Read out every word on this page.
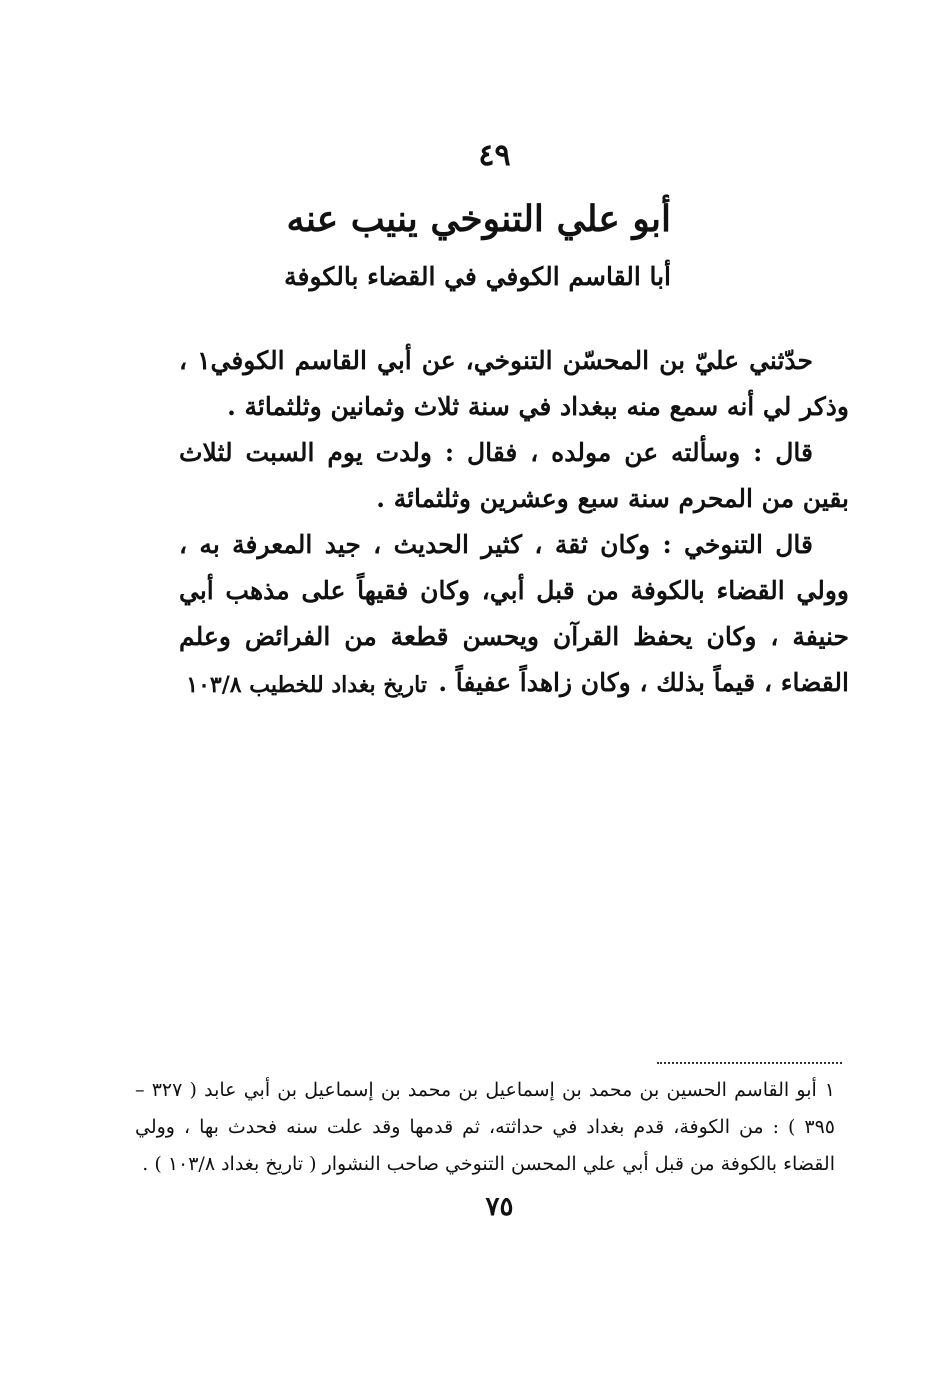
٤٩
أبو علي التنوخي ينيب عنه
أبا القاسم الكوفي في القضاء بالكوفة

حدّثني عليّ بن المحسّن التنوخي، عن أبي القاسم الكوفي١ ، وذكر لي أنه سمع منه ببغداد في سنة ثلاث وثمانين وثلثمائة .

قال : وسألته عن مولده ، فقال : ولدت يوم السبت لثلاث بقين من المحرم سنة سبع وعشرين وثلثمائة .

قال التنوخي : وكان ثقة ، كثير الحديث ، جيد المعرفة به ، وولي القضاء بالكوفة من قبل أبي، وكان فقيهاً على مذهب أبي حنيفة ، وكان يحفظ القرآن ويحسن قطعة من الفرائض وعلم القضاء ، قيماً بذلك ، وكان زاهداً عفيفاً .

تاريخ بغداد للخطيب ١٠٣/٨
١أبو القاسم الحسين بن محمد بن إسماعيل بن محمد بن إسماعيل بن أبي عابد ( ٣٢٧ – ٣٩٥ ) : من الكوفة، قدم بغداد في حداثته، ثم قدمها وقد علت سنه فحدث بها ، وولي القضاء بالكوفة من قبل أبي علي المحسن التنوخي صاحب النشوار ( تاريخ بغداد ١٠٣/٨ ) .
٧٥
